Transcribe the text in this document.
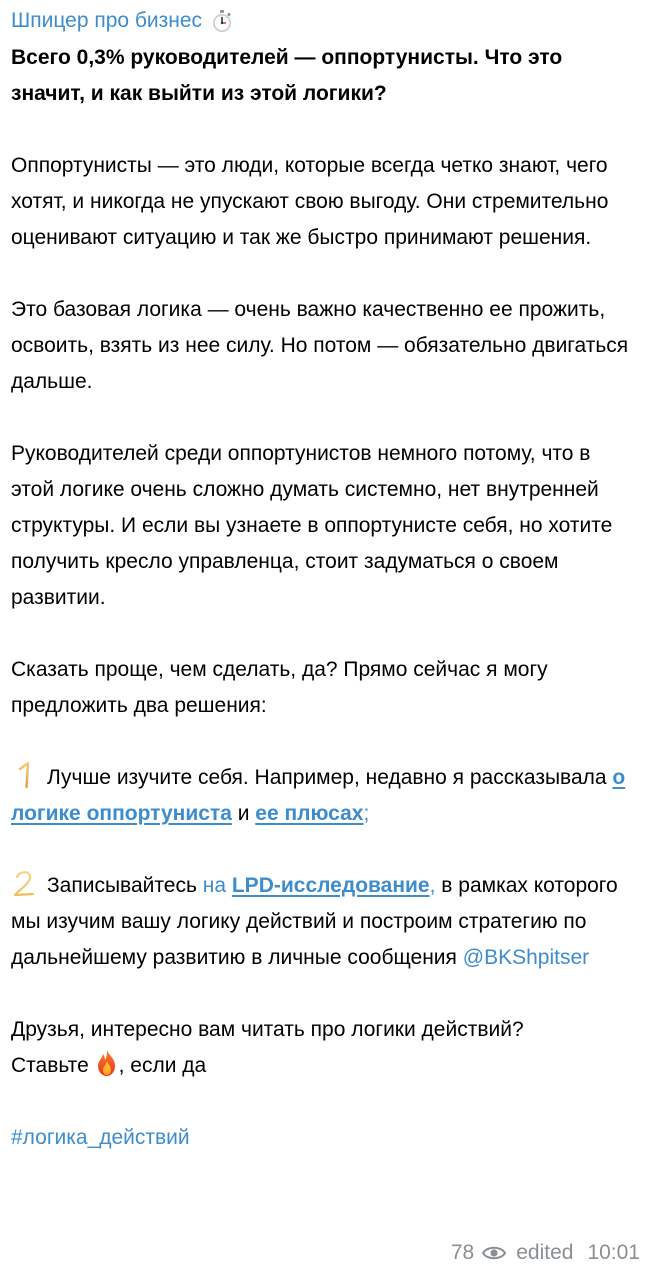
Шпицер про бизнес

Всего 0,3% руководителей — оппортунисты. Что это значит, и как выйти из этой логики?

Оппортунисты — это люди, которые всегда четко знают, чего хотят, и никогда не упускают свою выгоду. Они стремительно оценивают ситуацию и так же быстро принимают решения.

Это базовая логика — очень важно качественно ее прожить, освоить, взять из нее силу. Но потом — обязательно двигаться дальше.

Руководителей среди оппортунистов немного потому, что в этой логике очень сложно думать системно, нет внутренней структуры. И если вы узнаете в оппортунисте себя, но хотите получить кресло управленца, стоит задуматься о своем развитии.

Сказать проще, чем сделать, да? Прямо сейчас я могу предложить два решения:

Лучше изучите себя. Например, недавно я рассказывала о логике оппортуниста и ее плюсах;

Записывайтесь на LPD-исследование, в рамках которого мы изучим вашу логику действий и построим стратегию по дальнейшему развитию в личные сообщения @BKShpitser

Друзья, интересно вам читать про логики действий?

Ставьте , если да

#логика_действий

78 edited 10:01
